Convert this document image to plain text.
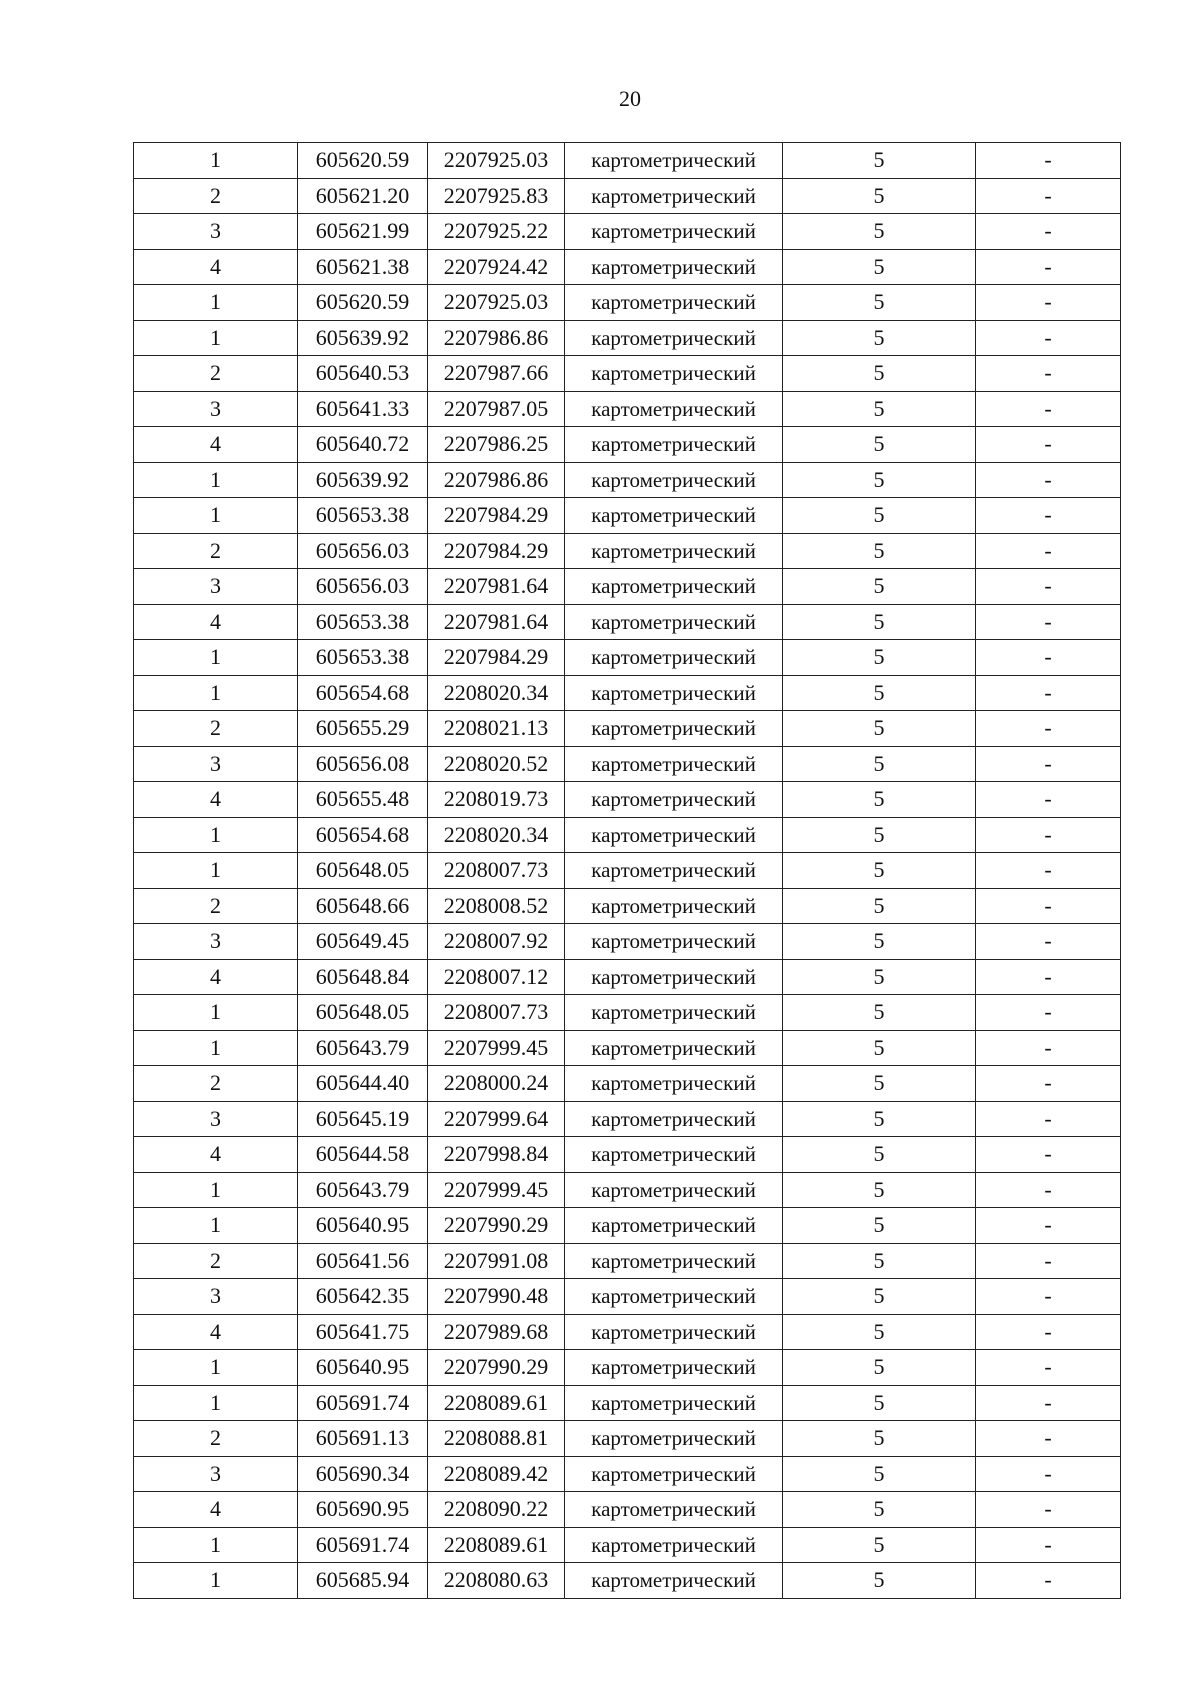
20
1	605620.59	2207925.03	картометрический	5	-
2	605621.20	2207925.83	картометрический	5	-
3	605621.99	2207925.22	картометрический	5	-
4	605621.38	2207924.42	картометрический	5	-
1	605620.59	2207925.03	картометрический	5	-
1	605639.92	2207986.86	картометрический	5	-
2	605640.53	2207987.66	картометрический	5	-
3	605641.33	2207987.05	картометрический	5	-
4	605640.72	2207986.25	картометрический	5	-
1	605639.92	2207986.86	картометрический	5	-
1	605653.38	2207984.29	картометрический	5	-
2	605656.03	2207984.29	картометрический	5	-
3	605656.03	2207981.64	картометрический	5	-
4	605653.38	2207981.64	картометрический	5	-
1	605653.38	2207984.29	картометрический	5	-
1	605654.68	2208020.34	картометрический	5	-
2	605655.29	2208021.13	картометрический	5	-
3	605656.08	2208020.52	картометрический	5	-
4	605655.48	2208019.73	картометрический	5	-
1	605654.68	2208020.34	картометрический	5	-
1	605648.05	2208007.73	картометрический	5	-
2	605648.66	2208008.52	картометрический	5	-
3	605649.45	2208007.92	картометрический	5	-
4	605648.84	2208007.12	картометрический	5	-
1	605648.05	2208007.73	картометрический	5	-
1	605643.79	2207999.45	картометрический	5	-
2	605644.40	2208000.24	картометрический	5	-
3	605645.19	2207999.64	картометрический	5	-
4	605644.58	2207998.84	картометрический	5	-
1	605643.79	2207999.45	картометрический	5	-
1	605640.95	2207990.29	картометрический	5	-
2	605641.56	2207991.08	картометрический	5	-
3	605642.35	2207990.48	картометрический	5	-
4	605641.75	2207989.68	картометрический	5	-
1	605640.95	2207990.29	картометрический	5	-
1	605691.74	2208089.61	картометрический	5	-
2	605691.13	2208088.81	картометрический	5	-
3	605690.34	2208089.42	картометрический	5	-
4	605690.95	2208090.22	картометрический	5	-
1	605691.74	2208089.61	картометрический	5	-
1	605685.94	2208080.63	картометрический	5	-
